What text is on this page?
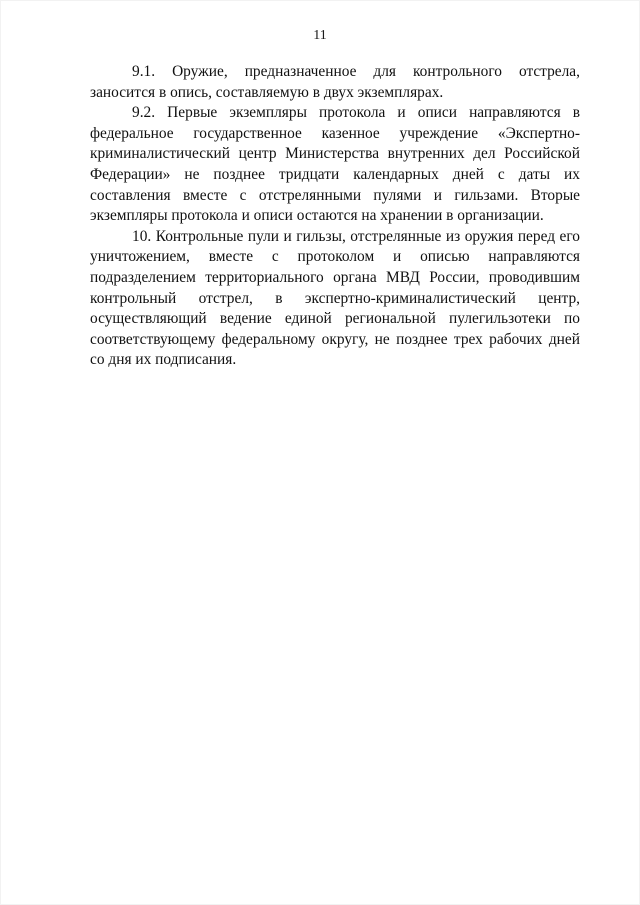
11

9.1. Оружие, предназначенное для контрольного отстрела, заносится в опись, составляемую в двух экземплярах.

9.2. Первые экземпляры протокола и описи направляются в федеральное государственное казенное учреждение «Экспертно-криминалистический центр Министерства внутренних дел Российской Федерации» не позднее тридцати календарных дней с даты их составления вместе с отстрелянными пулями и гильзами. Вторые экземпляры протокола и описи остаются на хранении в организации.

10. Контрольные пули и гильзы, отстрелянные из оружия перед его уничтожением, вместе с протоколом и описью направляются подразделением территориального органа МВД России, проводившим контрольный отстрел, в экспертно-криминалистический центр, осуществляющий ведение единой региональной пулегильзотеки по соответствующему федеральному округу, не позднее трех рабочих дней со дня их подписания.
